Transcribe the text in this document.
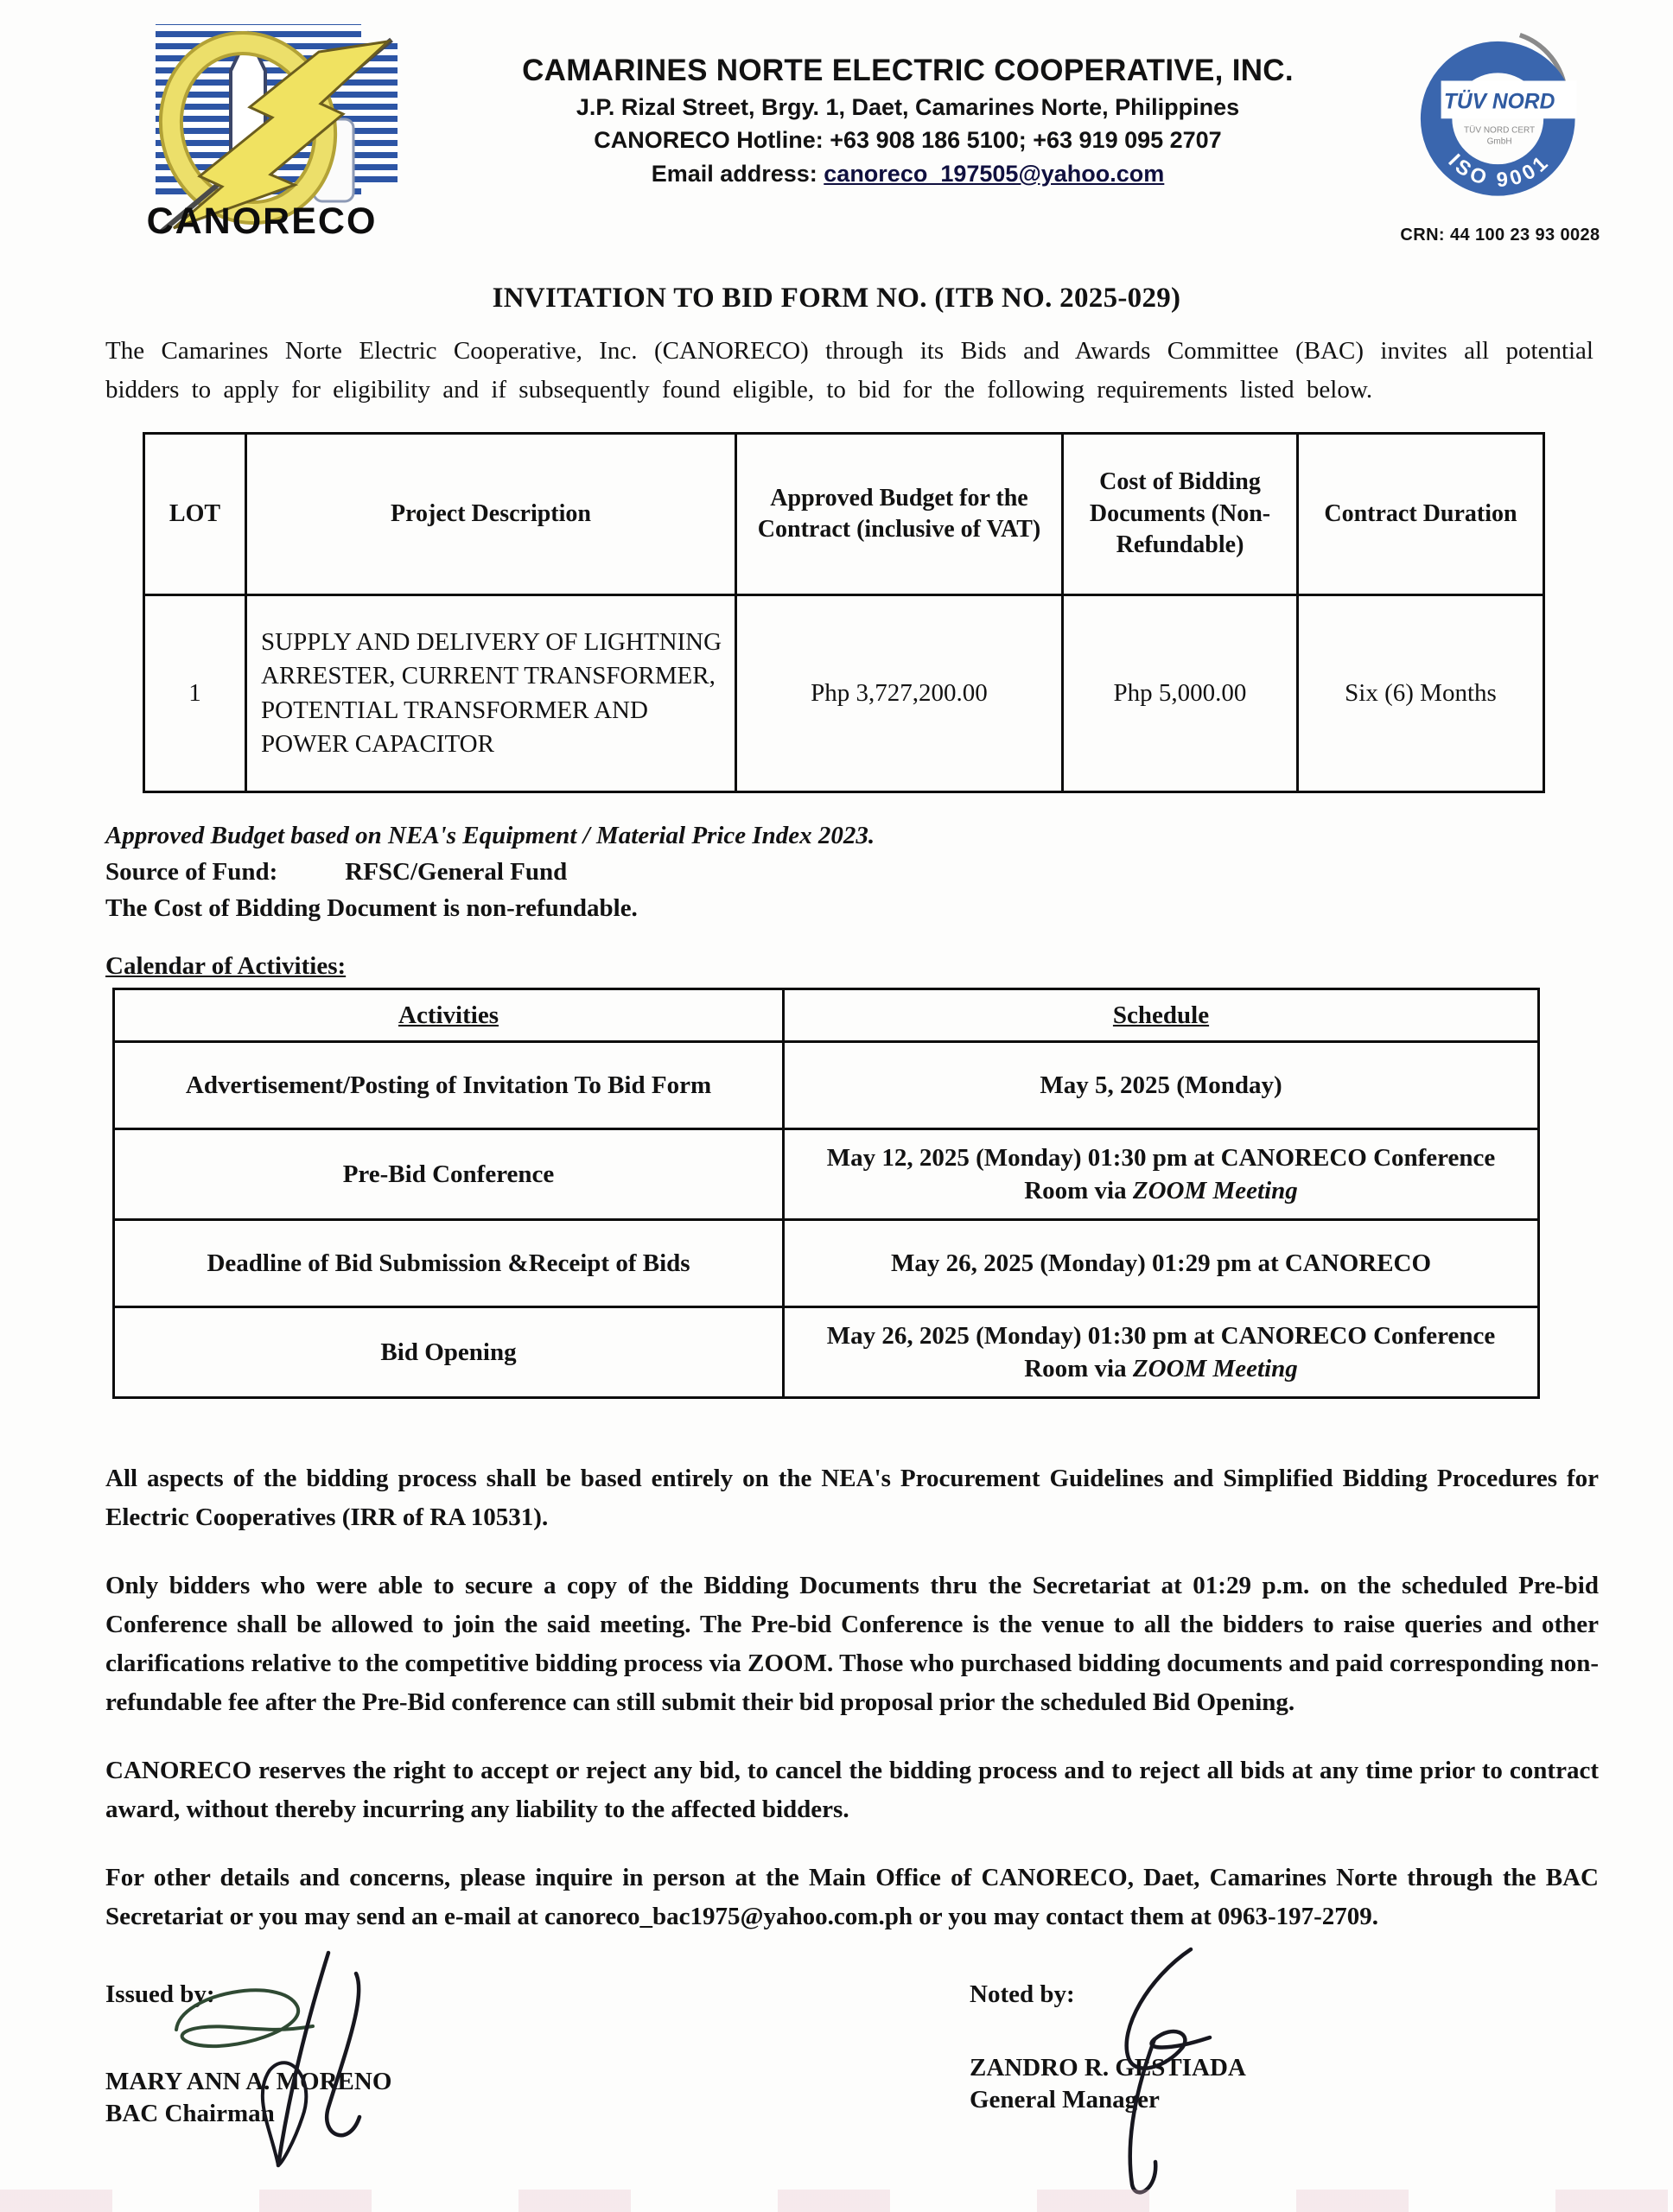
CANORECO
CAMARINES NORTE ELECTRIC COOPERATIVE, INC.
J.P. Rizal Street, Brgy. 1, Daet, Camarines Norte, Philippines
CANORECO Hotline: +63 908 186 5100; +63 919 095 2707
Email address: canoreco_197505@yahoo.com
TÜV NORD
TÜV NORD CERT
GmbH
ISO 9001
CRN: 44 100 23 93 0028
INVITATION TO BID FORM NO. (ITB NO. 2025-029)
The Camarines Norte Electric Cooperative, Inc. (CANORECO) through its Bids and Awards Committee (BAC) invites all potential bidders to apply for eligibility and if subsequently found eligible, to bid for the following requirements listed below.
LOT	Project Description	Approved Budget for the Contract (inclusive of VAT)	Cost of Bidding Documents (Non-Refundable)	Contract Duration
1	SUPPLY AND DELIVERY OF LIGHTNING ARRESTER, CURRENT TRANSFORMER, POTENTIAL TRANSFORMER AND POWER CAPACITOR	Php 3,727,200.00	Php 5,000.00	Six (6) Months
Approved Budget based on NEA's Equipment / Material Price Index 2023.
Source of Fund:	RFSC/General Fund
The Cost of Bidding Document is non-refundable.
Calendar of Activities:
Activities	Schedule
Advertisement/Posting of Invitation To Bid Form	May 5, 2025 (Monday)
Pre-Bid Conference	May 12, 2025 (Monday) 01:30 pm at CANORECO Conference Room via ZOOM Meeting
Deadline of Bid Submission &Receipt of Bids	May 26, 2025 (Monday) 01:29 pm at CANORECO
Bid Opening	May 26, 2025 (Monday) 01:30 pm at CANORECO Conference Room via ZOOM Meeting
All aspects of the bidding process shall be based entirely on the NEA's Procurement Guidelines and Simplified Bidding Procedures for Electric Cooperatives (IRR of RA 10531).
Only bidders who were able to secure a copy of the Bidding Documents thru the Secretariat at 01:29 p.m. on the scheduled Pre-bid Conference shall be allowed to join the said meeting. The Pre-bid Conference is the venue to all the bidders to raise queries and other clarifications relative to the competitive bidding process via ZOOM. Those who purchased bidding documents and paid corresponding non-refundable fee after the Pre-Bid conference can still submit their bid proposal prior the scheduled Bid Opening.
CANORECO reserves the right to accept or reject any bid, to cancel the bidding process and to reject all bids at any time prior to contract award, without thereby incurring any liability to the affected bidders.
For other details and concerns, please inquire in person at the Main Office of CANORECO, Daet, Camarines Norte through the BAC Secretariat or you may send an e-mail at canoreco_bac1975@yahoo.com.ph or you may contact them at 0963-197-2709.
Issued by:
MARY ANN A. MORENO
BAC Chairman
Noted by:
ZANDRO R. GESTIADA
General Manager
